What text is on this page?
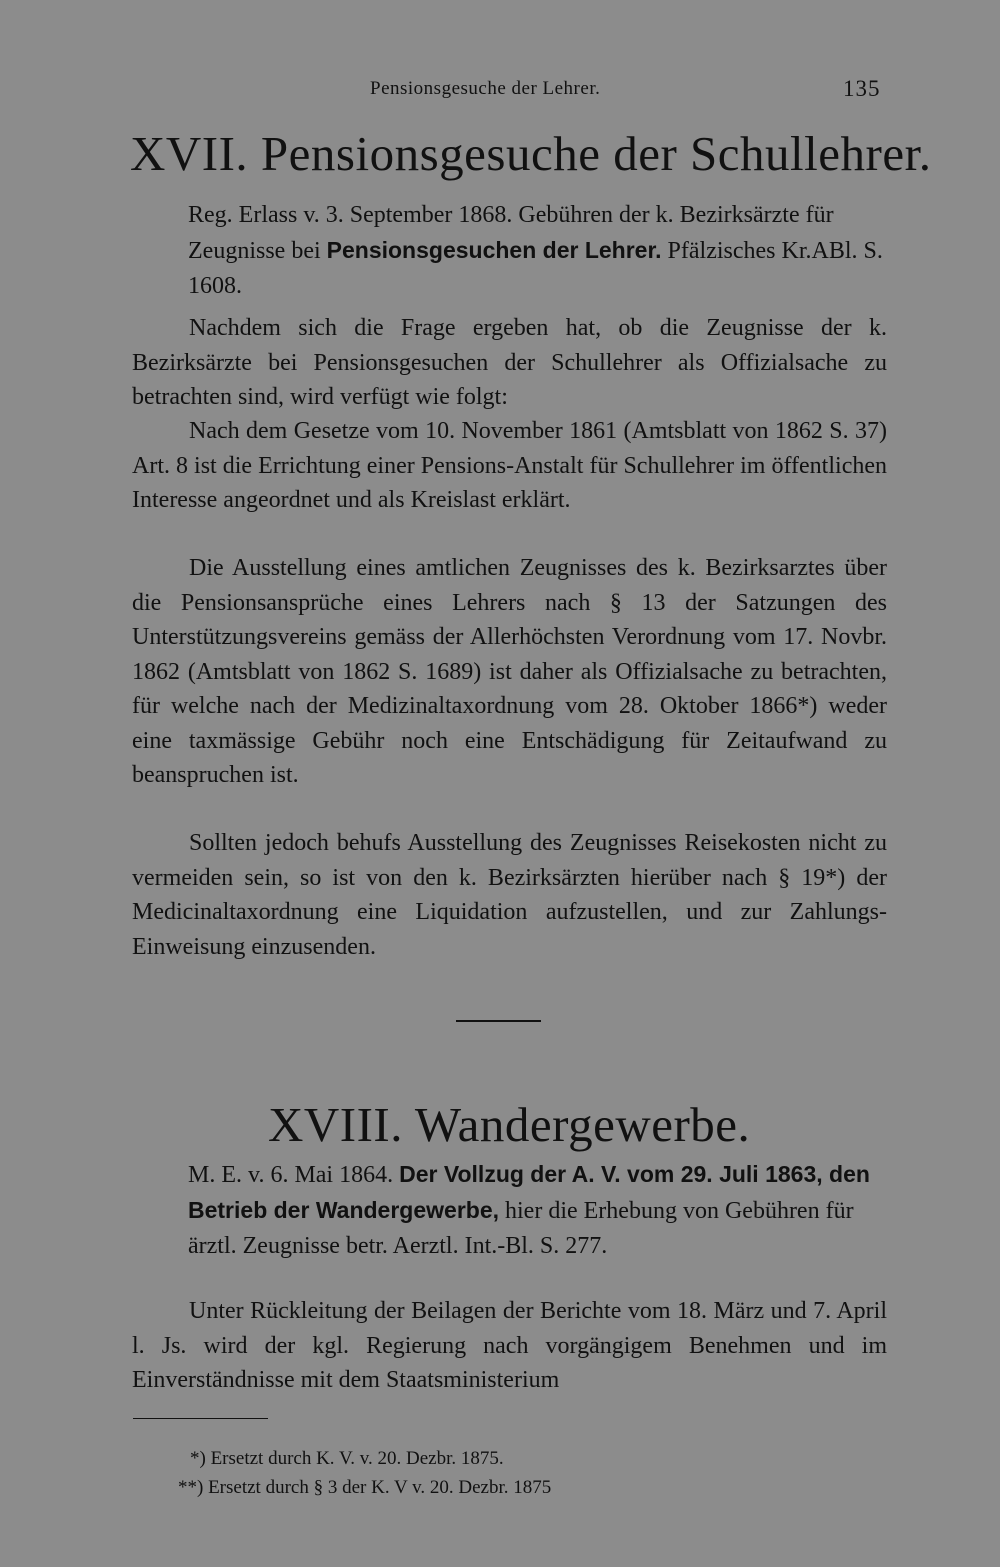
Pensionsgesuche der Lehrer.	135
XVII. Pensionsgesuche der Schullehrer.
Reg. Erlass v. 3. September 1868. Gebühren der k. Bezirksärzte für Zeugnisse bei Pensionsgesuchen der Lehrer. Pfälzisches Kr.ABl. S. 1608.
Nachdem sich die Frage ergeben hat, ob die Zeugnisse der k. Bezirksärzte bei Pensionsgesuchen der Schullehrer als Offizialsache zu betrachten sind, wird verfügt wie folgt:
Nach dem Gesetze vom 10. November 1861 (Amtsblatt von 1862 S. 37) Art. 8 ist die Errichtung einer Pensions-Anstalt für Schullehrer im öffentlichen Interesse angeordnet und als Kreislast erklärt.
Die Ausstellung eines amtlichen Zeugnisses des k. Bezirksarztes über die Pensionsansprüche eines Lehrers nach § 13 der Satzungen des Unterstützungsvereins gemäss der Allerhöchsten Verordnung vom 17. Novbr. 1862 (Amtsblatt von 1862 S. 1689) ist daher als Offizialsache zu betrachten, für welche nach der Medizinaltaxordnung vom 28. Oktober 1866*) weder eine taxmässige Gebühr noch eine Entschädigung für Zeitaufwand zu beanspruchen ist.
Sollten jedoch behufs Ausstellung des Zeugnisses Reisekosten nicht zu vermeiden sein, so ist von den k. Bezirksärzten hierüber nach § 19*) der Medicinaltaxordnung eine Liquidation aufzustellen, und zur Zahlungs-Einweisung einzusenden.
XVIII. Wandergewerbe.
M. E. v. 6. Mai 1864. Der Vollzug der A. V. vom 29. Juli 1863, den Betrieb der Wandergewerbe, hier die Erhebung von Gebühren für ärztl. Zeugnisse betr. Aerztl. Int.-Bl. S. 277.
Unter Rückleitung der Beilagen der Berichte vom 18. März und 7. April l. Js. wird der kgl. Regierung nach vorgängigem Benehmen und im Einverständnisse mit dem Staatsministerium
*) Ersetzt durch K. V. v. 20. Dezbr. 1875.
**) Ersetzt durch § 3 der K. V v. 20. Dezbr. 1875
